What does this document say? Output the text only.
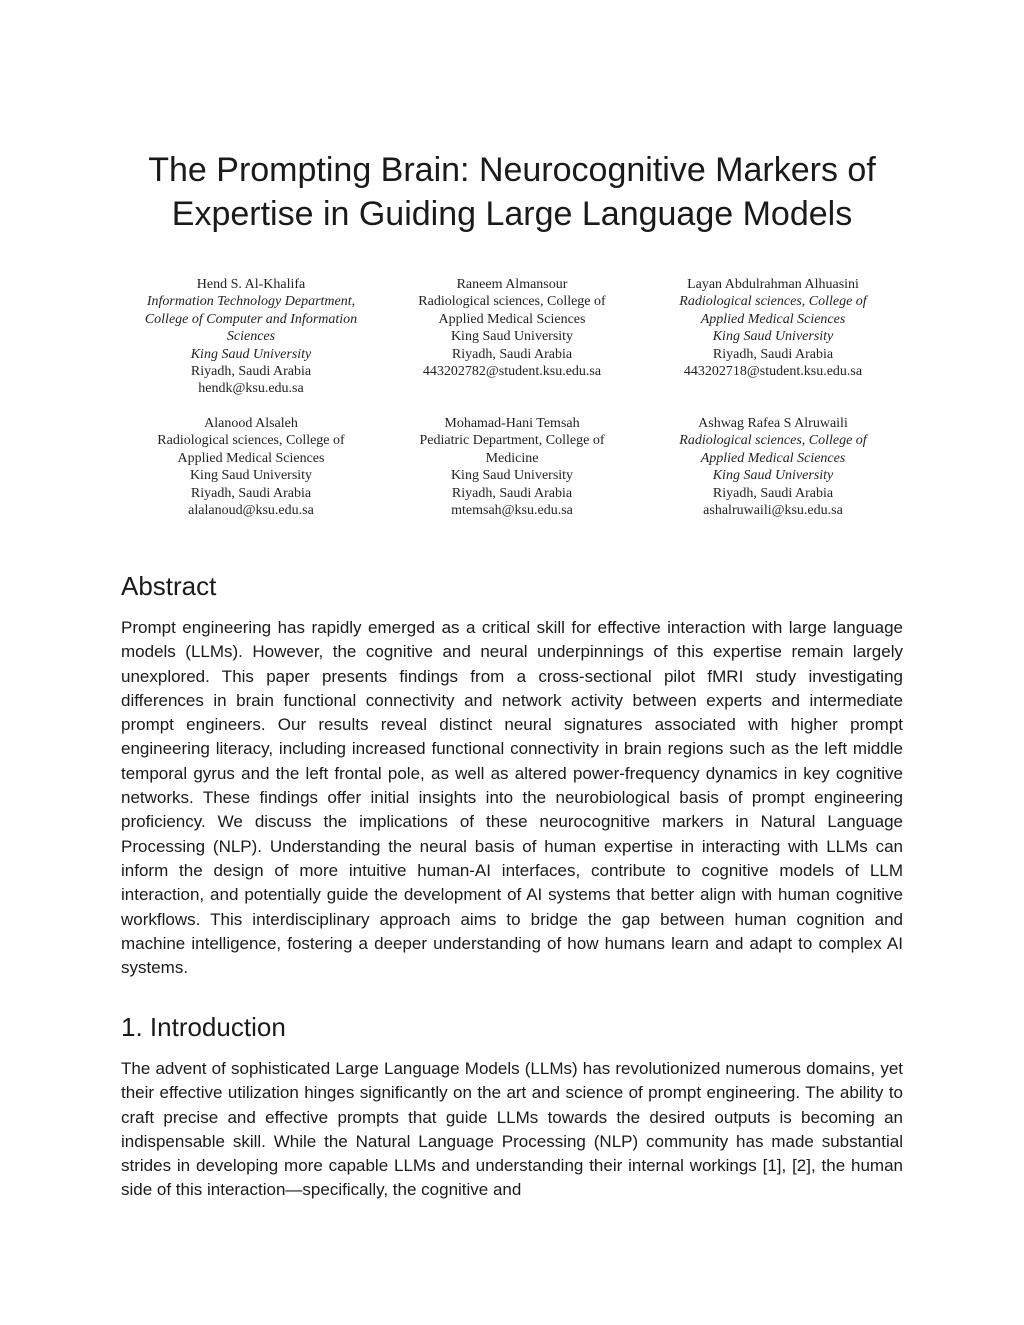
The Prompting Brain: Neurocognitive Markers of
Expertise in Guiding Large Language Models
Hend S. Al-Khalifa
Information Technology Department,
College of Computer and Information
Sciences
King Saud University
Riyadh, Saudi Arabia
hendk@ksu.edu.sa
Raneem Almansour
Radiological sciences, College of
Applied Medical Sciences
King Saud University
Riyadh, Saudi Arabia
443202782@student.ksu.edu.sa
Layan Abdulrahman Alhuasini
Radiological sciences, College of
Applied Medical Sciences
King Saud University
Riyadh, Saudi Arabia
443202718@student.ksu.edu.sa
Alanood Alsaleh
Radiological sciences, College of
Applied Medical Sciences
King Saud University
Riyadh, Saudi Arabia
alalanoud@ksu.edu.sa
Mohamad-Hani Temsah
Pediatric Department, College of
Medicine
King Saud University
Riyadh, Saudi Arabia
mtemsah@ksu.edu.sa
Ashwag Rafea S Alruwaili
Radiological sciences, College of
Applied Medical Sciences
King Saud University
Riyadh, Saudi Arabia
ashalruwaili@ksu.edu.sa
Abstract

Prompt engineering has rapidly emerged as a critical skill for effective interaction with large language models (LLMs). However, the cognitive and neural underpinnings of this expertise remain largely unexplored. This paper presents findings from a cross-sectional pilot fMRI study investigating differences in brain functional connectivity and network activity between experts and intermediate prompt engineers. Our results reveal distinct neural signatures associated with higher prompt engineering literacy, including increased functional connectivity in brain regions such as the left middle temporal gyrus and the left frontal pole, as well as altered power-frequency dynamics in key cognitive networks. These findings offer initial insights into the neurobiological basis of prompt engineering proficiency. We discuss the implications of these neurocognitive markers in Natural Language Processing (NLP). Understanding the neural basis of human expertise in interacting with LLMs can inform the design of more intuitive human-AI interfaces, contribute to cognitive models of LLM interaction, and potentially guide the development of AI systems that better align with human cognitive workflows. This interdisciplinary approach aims to bridge the gap between human cognition and machine intelligence, fostering a deeper understanding of how humans learn and adapt to complex AI systems.

1. Introduction

The advent of sophisticated Large Language Models (LLMs) has revolutionized numerous domains, yet their effective utilization hinges significantly on the art and science of prompt engineering. The ability to craft precise and effective prompts that guide LLMs towards the desired outputs is becoming an indispensable skill. While the Natural Language Processing (NLP) community has made substantial strides in developing more capable LLMs and understanding their internal workings [1], [2], the human side of this interaction—specifically, the cognitive and
